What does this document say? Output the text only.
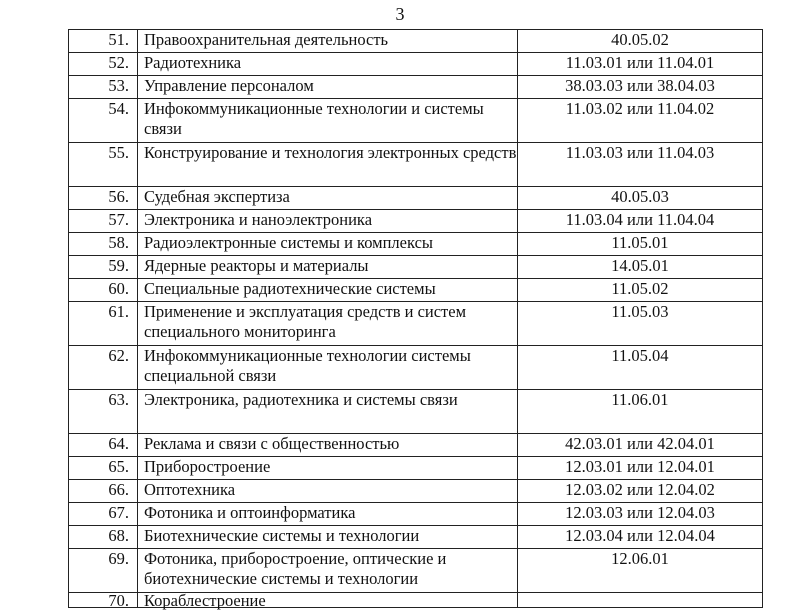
3
51.	Правоохранительная деятельность	40.05.02
52.	Радиотехника	11.03.01 или 11.04.01
53.	Управление персоналом	38.03.03 или 38.04.03
54.	Инфокоммуникационные технологии и системы связи	11.03.02 или 11.04.02
55.	Конструирование и технология электронных средств	11.03.03 или 11.04.03
56.	Судебная экспертиза	40.05.03
57.	Электроника и наноэлектроника	11.03.04 или 11.04.04
58.	Радиоэлектронные системы и комплексы	11.05.01
59.	Ядерные реакторы и материалы	14.05.01
60.	Специальные радиотехнические системы	11.05.02
61.	Применение и эксплуатация средств и систем специального мониторинга	11.05.03
62.	Инфокоммуникационные технологии системы специальной связи	11.05.04
63.	Электроника, радиотехника и системы связи	11.06.01
64.	Реклама и связи с общественностью	42.03.01 или 42.04.01
65.	Приборостроение	12.03.01 или 12.04.01
66.	Оптотехника	12.03.02 или 12.04.02
67.	Фотоника и оптоинформатика	12.03.03 или 12.04.03
68.	Биотехнические системы и технологии	12.03.04 или 12.04.04
69.	Фотоника, приборостроение, оптические и биотехнические системы и технологии	12.06.01

70.	Кораблестроение	
